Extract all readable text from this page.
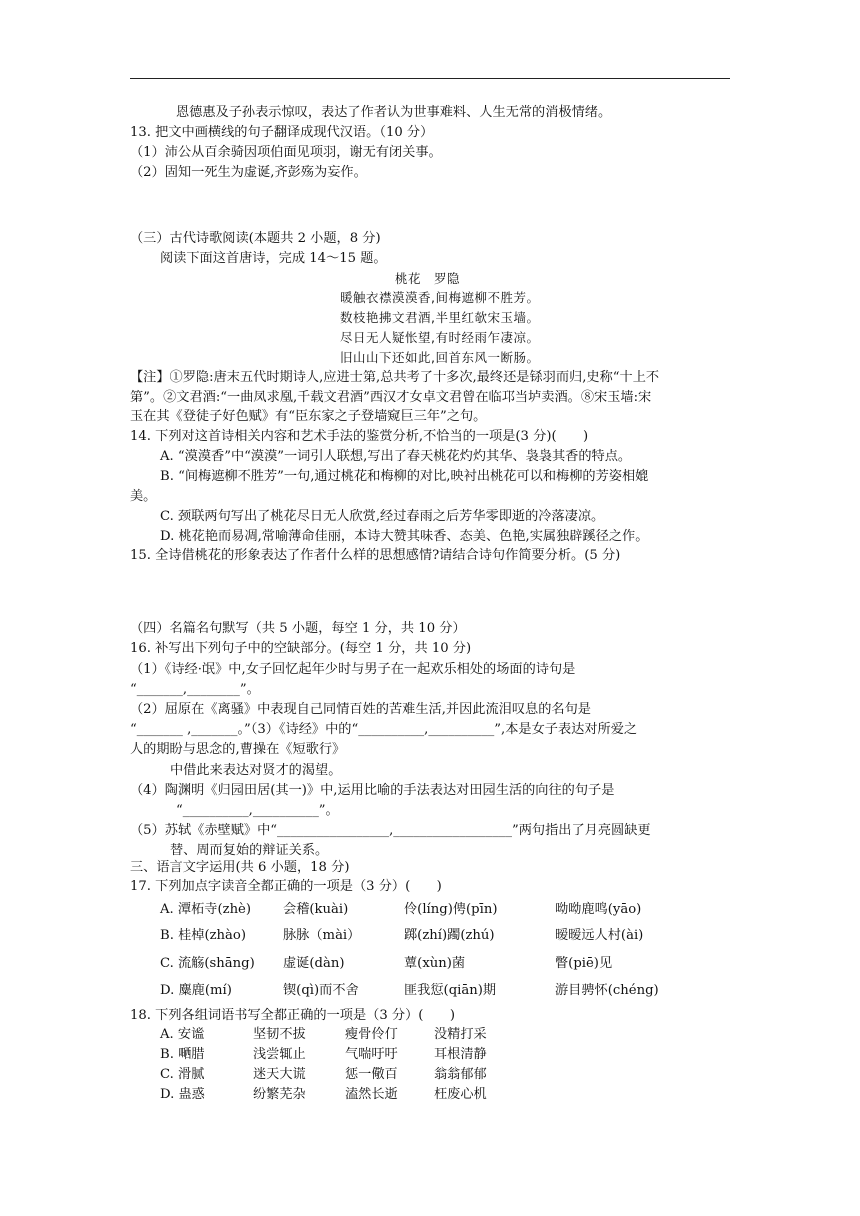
恩德惠及子孙表示惊叹，表达了作者认为世事难料、人生无常的消极情绪。
13. 把文中画横线的句子翻译成现代汉语。（10 分）
（1）沛公从百余骑因项伯面见项羽，谢无有闭关事。
（2）固知一死生为虚诞,齐彭殇为妄作。
（三）古代诗歌阅读(本题共 2 小题，8 分)
阅读下面这首唐诗，完成 14～15 题。
桃花　罗隐
暖触衣襟漠漠香,间梅遮柳不胜芳。
数枝艳拂文君酒,半里红欹宋玉墙。
尽日无人疑怅望,有时经雨乍凄凉。
旧山山下还如此,回首东风一断肠。
【注】①罗隐:唐末五代时期诗人,应进士第,总共考了十多次,最终还是铩羽而归,史称“十上不
第”。②文君酒:“一曲凤求凰,千载文君酒”西汉才女卓文君曾在临邛当垆卖酒。⑧宋玉墙:宋
玉在其《登徒子好色赋》有“臣东家之子登墙窥巨三年”之句。
14. 下列对这首诗相关内容和艺术手法的鉴赏分析,不恰当的一项是(3 分)(　　)
A. “漠漠香”中“漠漠”一词引人联想,写出了春天桃花灼灼其华、袅袅其香的特点。
B. “间梅遮柳不胜芳”一句,通过桃花和梅柳的对比,映衬出桃花可以和梅柳的芳姿相媲
美。
C. 颈联两句写出了桃花尽日无人欣赏,经过春雨之后芳华零即逝的冷落凄凉。
D. 桃花艳而易凋,常喻薄命佳丽，本诗大赞其味香、态美、色艳,实属独辟蹊径之作。
15. 全诗借桃花的形象表达了作者什么样的思想感情?请结合诗句作简要分析。(5 分)
（四）名篇名句默写（共 5 小题，每空 1 分，共 10 分）
16. 补写出下列句子中的空缺部分。(每空 1 分，共 10 分)
（1）《诗经·氓》中,女子回忆起年少时与男子在一起欢乐相处的场面的诗句是
“_______,________”。
（2）屈原在《离骚》中表现自己同情百姓的苦难生活,并因此流泪叹息的名句是
“_______ ,_______。”（3）《诗经》中的“__________,__________”,本是女子表达对所爱之
人的期盼与思念的,曹操在《短歌行》
中借此来表达对贤才的渴望。
（4）陶渊明《归园田居(其一)》中,运用比喻的手法表达对田园生活的向往的句子是
“__________,__________”。
（5）苏轼《赤壁赋》中“_________________,__________________”两句指出了月亮圆缺更
替、周而复始的辩证关系。
三、语言文字运用(共 6 小题，18 分)
17. 下列加点字读音全都正确的一项是（3 分）(　　)
A. 潭柘寺(zhè) 会稽(kuài)	伶(líng)俜(pīn)	呦呦鹿鸣(yāo)
B. 桂棹(zhào)	脉脉（mài）	踯(zhí)躅(zhú)	暧暧远人村(ài)
C. 流觞(shāng) 虚诞(dàn)	蕈(xùn)菌	瞥(piē)见
D. 麋鹿(mí)	锲(qì)而不舍	匪我愆(qiān)期	游目骋怀(chéng)
18. 下列各组词语书写全都正确的一项是（3 分）(　　)
A. 安谧	坚韧不拔	瘦骨伶仃	没精打采
B. 嗮腊	浅尝辄止	气喘吁吁	耳根清静
C. 滑腻	迷天大谎	惩一儆百	翁翁郁郁
D. 蛊惑	纷繁芜杂	溘然长逝	枉废心机
